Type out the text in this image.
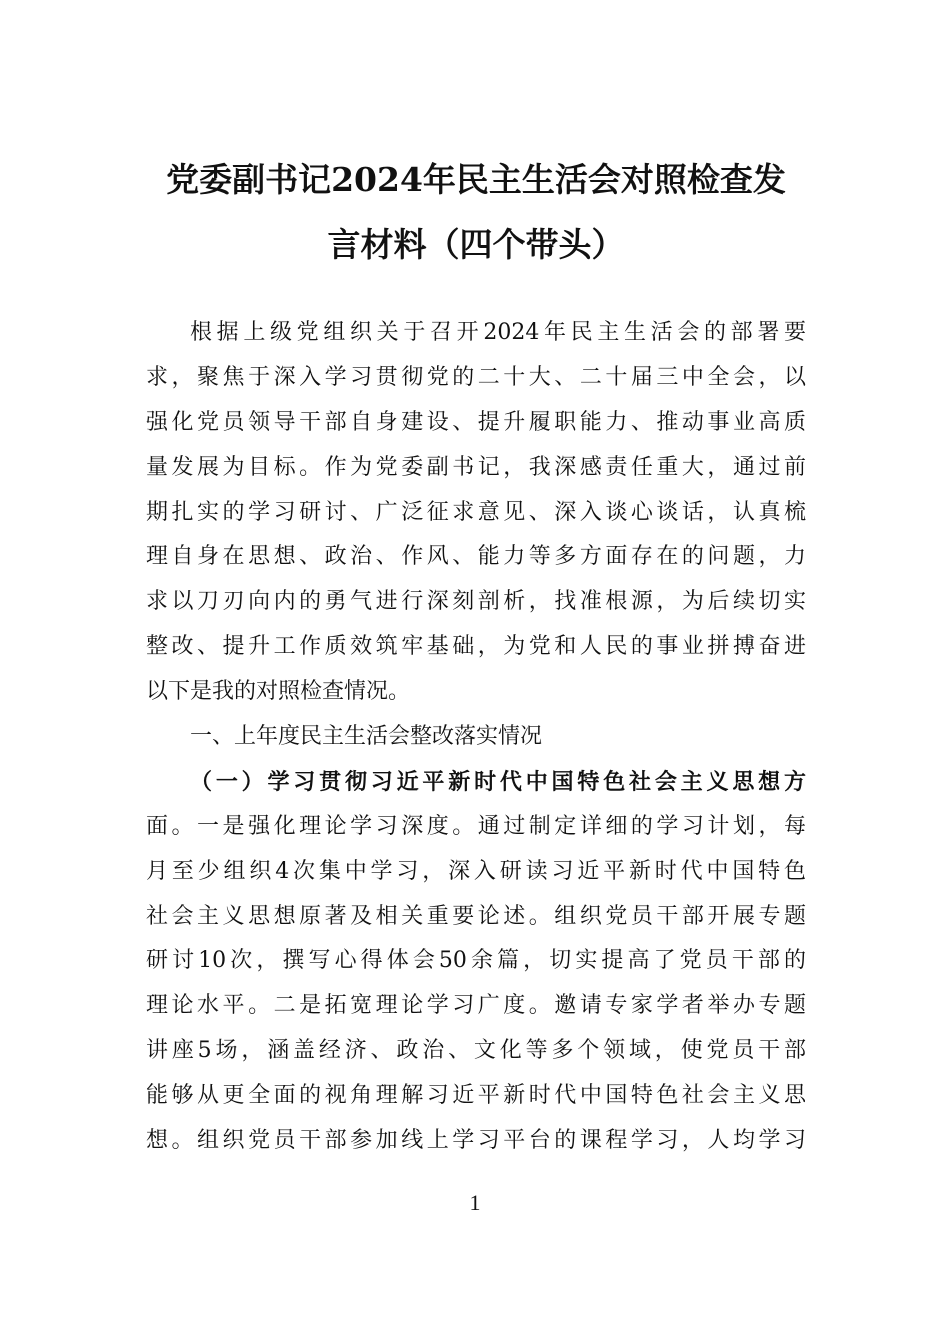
党委副书记2024年民主生活会对照检查发
言材料（四个带头）
根据上级党组织关于召开2024年民主生活会的部署要
求，聚焦于深入学习贯彻党的二十大、二十届三中全会，以
强化党员领导干部自身建设、提升履职能力、推动事业高质
量发展为目标。作为党委副书记，我深感责任重大，通过前
期扎实的学习研讨、广泛征求意见、深入谈心谈话，认真梳
理自身在思想、政治、作风、能力等多方面存在的问题，力
求以刀刃向内的勇气进行深刻剖析，找准根源，为后续切实
整改、提升工作质效筑牢基础，为党和人民的事业拼搏奋进
以下是我的对照检查情况。
一、上年度民主生活会整改落实情况
（一）学习贯彻习近平新时代中国特色社会主义思想方
面。一是强化理论学习深度。通过制定详细的学习计划，每
月至少组织4次集中学习，深入研读习近平新时代中国特色
社会主义思想原著及相关重要论述。组织党员干部开展专题
研讨10次，撰写心得体会50余篇，切实提高了党员干部的
理论水平。二是拓宽理论学习广度。邀请专家学者举办专题
讲座5场，涵盖经济、政治、文化等多个领域，使党员干部
能够从更全面的视角理解习近平新时代中国特色社会主义思
想。组织党员干部参加线上学习平台的课程学习，人均学习
1
